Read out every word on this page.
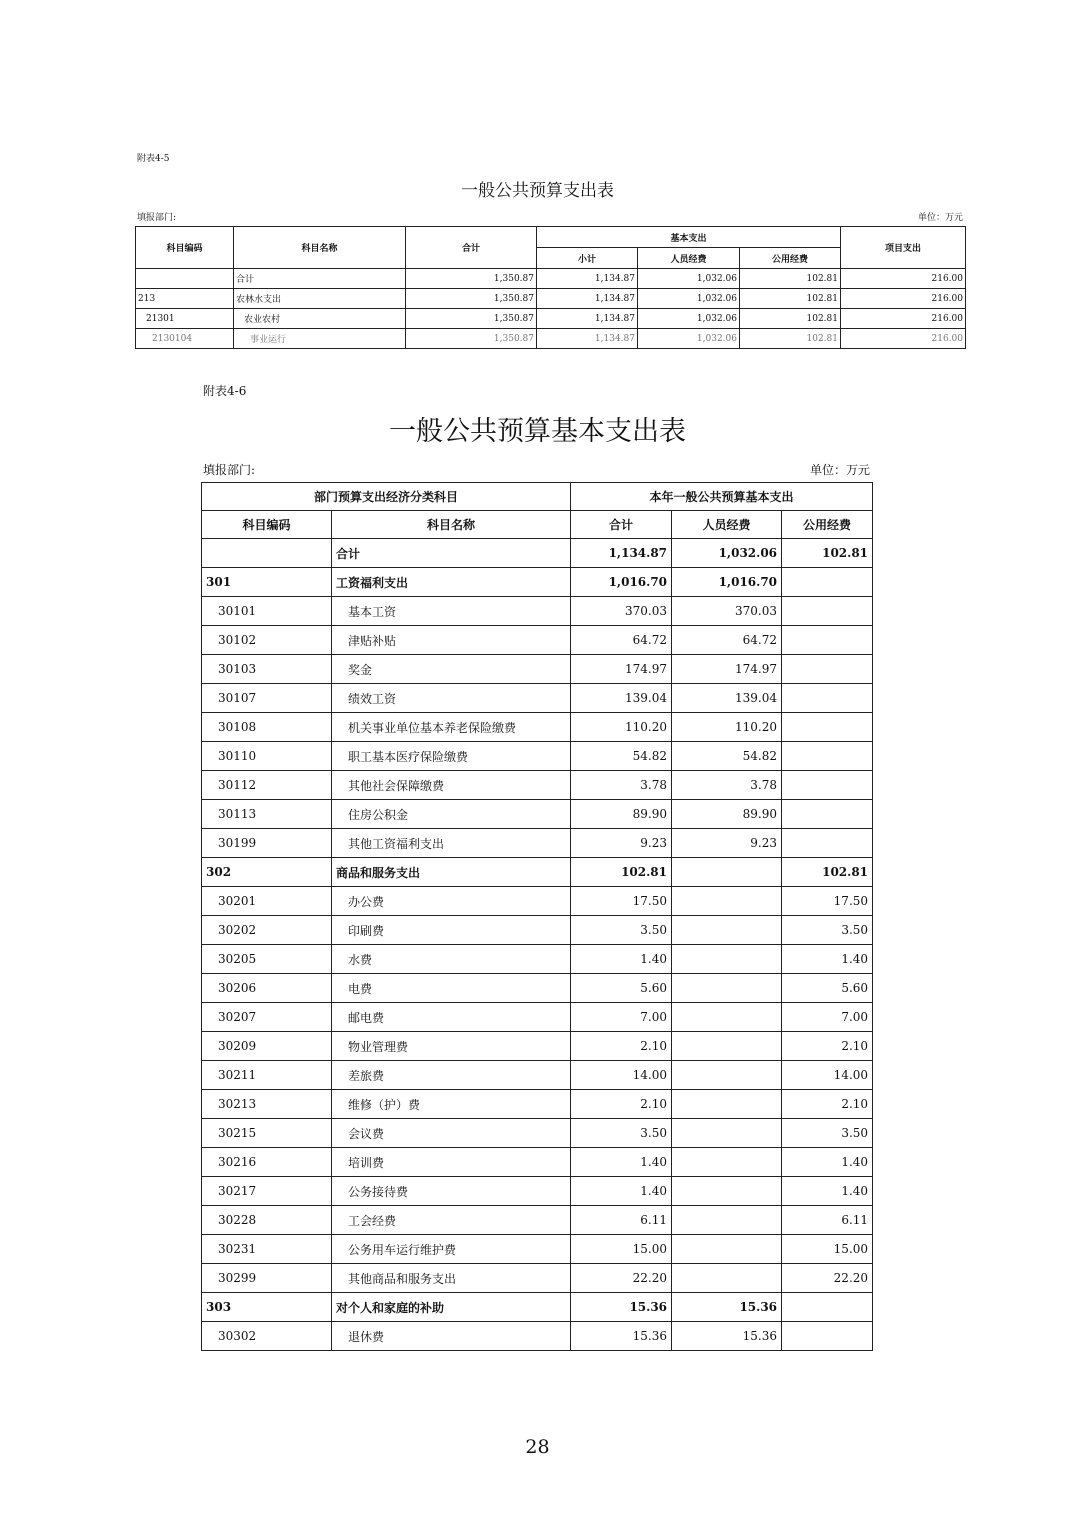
附表4-5
一般公共预算支出表
填报部门:	单位：万元
科目编码	科目名称	合计	基本支出			项目支出
			小计	人员经费	公用经费	
	合计	1,350.87	1,134.87	1,032.06	102.81	216.00
213	农林水支出	1,350.87	1,134.87	1,032.06	102.81	216.00
21301	农业农村	1,350.87	1,134.87	1,032.06	102.81	216.00
2130104	事业运行	1,350.87	1,134.87	1,032.06	102.81	216.00
附表4-6
一般公共预算基本支出表
填报部门:	单位：万元
部门预算支出经济分类科目		本年一般公共预算基本支出		
科目编码	科目名称	合计	人员经费	公用经费
	合计	1,134.87	1,032.06	102.81
301	工资福利支出	1,016.70	1,016.70	
30101	基本工资	370.03	370.03	
30102	津贴补贴	64.72	64.72	
30103	奖金	174.97	174.97	
30107	绩效工资	139.04	139.04	
30108	机关事业单位基本养老保险缴费	110.20	110.20	
30110	职工基本医疗保险缴费	54.82	54.82	
30112	其他社会保障缴费	3.78	3.78	
30113	住房公积金	89.90	89.90	
30199	其他工资福利支出	9.23	9.23	
302	商品和服务支出	102.81		102.81
30201	办公费	17.50		17.50
30202	印刷费	3.50		3.50
30205	水费	1.40		1.40
30206	电费	5.60		5.60
30207	邮电费	7.00		7.00
30209	物业管理费	2.10		2.10
30211	差旅费	14.00		14.00
30213	维修（护）费	2.10		2.10
30215	会议费	3.50		3.50
30216	培训费	1.40		1.40
30217	公务接待费	1.40		1.40
30228	工会经费	6.11		6.11
30231	公务用车运行维护费	15.00		15.00
30299	其他商品和服务支出	22.20		22.20
303	对个人和家庭的补助	15.36	15.36	
30302	退休费	15.36	15.36	
28
